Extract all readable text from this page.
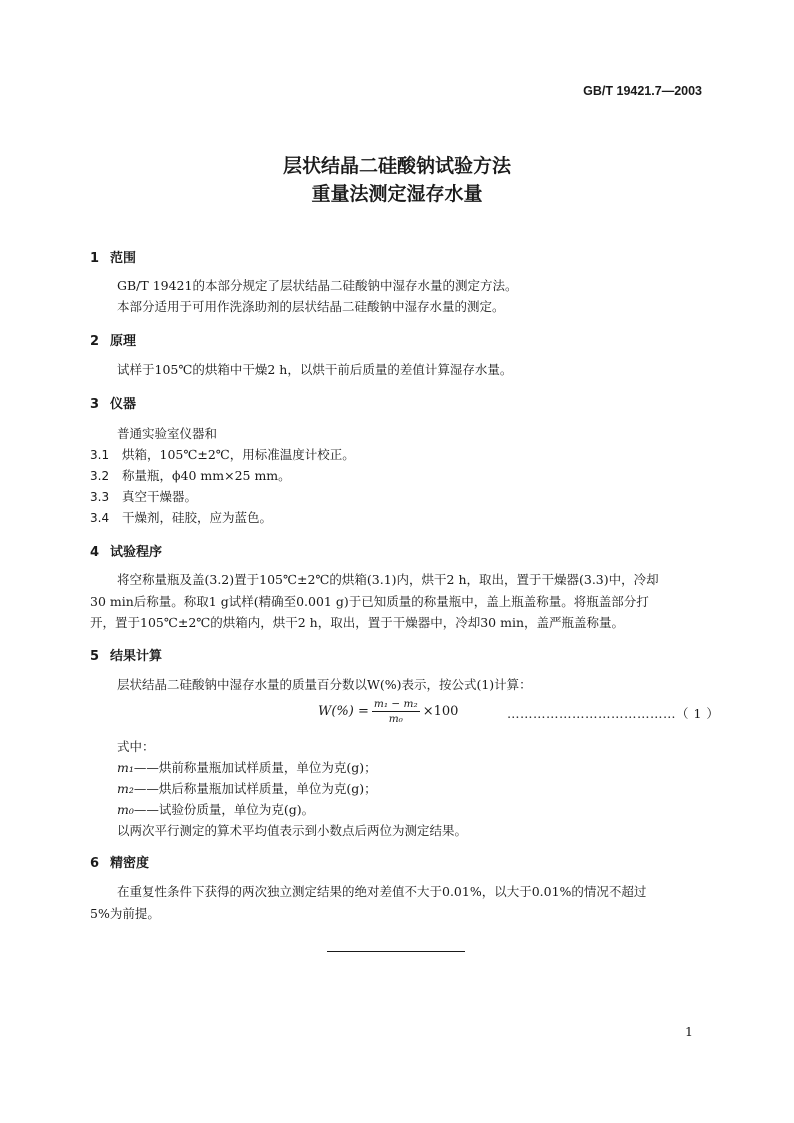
GB/T 19421.7—2003
层状结晶二硅酸钠试验方法
重量法测定湿存水量
1 范围
GB/T 19421的本部分规定了层状结晶二硅酸钠中湿存水量的测定方法。
本部分适用于可用作洗涤助剂的层状结晶二硅酸钠中湿存水量的测定。
2 原理
试样于105℃的烘箱中干燥2 h，以烘干前后质量的差值计算湿存水量。
3 仪器
普通实验室仪器和
3.1 烘箱，105℃±2℃，用标准温度计校正。
3.2 称量瓶，ϕ40 mm×25 mm。
3.3 真空干燥器。
3.4 干燥剂，硅胶，应为蓝色。
4 试验程序
将空称量瓶及盖(3.2)置于105℃±2℃的烘箱(3.1)内，烘干2 h，取出，置于干燥器(3.3)中，冷却
30 min后称量。称取1 g试样(精确至0.001 g)于已知质量的称量瓶中，盖上瓶盖称量。将瓶盖部分打
开，置于105℃±2℃的烘箱内，烘干2 h，取出，置于干燥器中，冷却30 min，盖严瓶盖称量。
5 结果计算
层状结晶二硅酸钠中湿存水量的质量百分数以W(%)表示，按公式(1)计算：
$W(\%) = \frac{\text{m₁ − m₂}}{\text{m₀}} \times 100$	…………………………………（ 1 ）
式中：
m₁——烘前称量瓶加试样质量，单位为克(g)；
m₂——烘后称量瓶加试样质量，单位为克(g)；
m₀——试验份质量，单位为克(g)。
以两次平行测定的算术平均值表示到小数点后两位为测定结果。
6 精密度
在重复性条件下获得的两次独立测定结果的绝对差值不大于0.01%，以大于0.01%的情况不超过
5%为前提。
1
